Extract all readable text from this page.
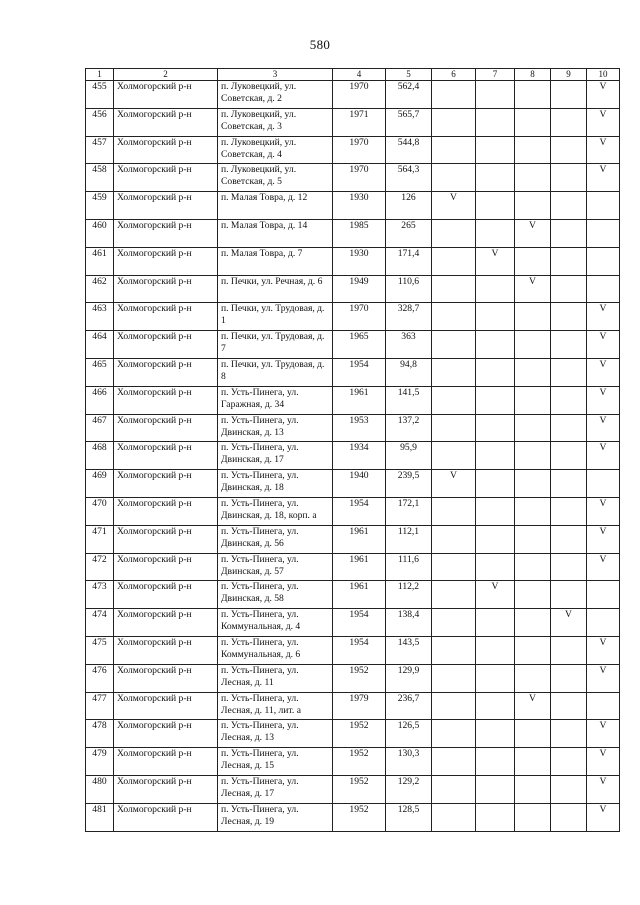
580
1	2	3	4	5	6	7	8	9	10
455	Холмогорский р-н	п. Луковецкий, ул. Советская, д. 2	1970	562,4					V
456	Холмогорский р-н	п. Луковецкий, ул. Советская, д. 3	1971	565,7					V
457	Холмогорский р-н	п. Луковецкий, ул. Советская, д. 4	1970	544,8					V
458	Холмогорский р-н	п. Луковецкий, ул. Советская, д. 5	1970	564,3					V
459	Холмогорский р-н	п. Малая Товра, д. 12	1930	126	V				
460	Холмогорский р-н	п. Малая Товра, д. 14	1985	265			V		
461	Холмогорский р-н	п. Малая Товра, д. 7	1930	171,4		V			
462	Холмогорский р-н	п. Печки, ул. Речная, д. 6	1949	110,6			V		
463	Холмогорский р-н	п. Печки, ул. Трудовая, д. 1	1970	328,7					V
464	Холмогорский р-н	п. Печки, ул. Трудовая, д. 7	1965	363					V
465	Холмогорский р-н	п. Печки, ул. Трудовая, д. 8	1954	94,8					V
466	Холмогорский р-н	п. Усть-Пинега, ул. Гаражная, д. 34	1961	141,5					V
467	Холмогорский р-н	п. Усть-Пинега, ул. Двинская, д. 13	1953	137,2					V
468	Холмогорский р-н	п. Усть-Пинега, ул. Двинская, д. 17	1934	95,9					V
469	Холмогорский р-н	п. Усть-Пинега, ул. Двинская, д. 18	1940	239,5	V				
470	Холмогорский р-н	п. Усть-Пинега, ул. Двинская, д. 18, корп. а	1954	172,1					V
471	Холмогорский р-н	п. Усть-Пинега, ул. Двинская, д. 56	1961	112,1					V
472	Холмогорский р-н	п. Усть-Пинега, ул. Двинская, д. 57	1961	111,6					V
473	Холмогорский р-н	п. Усть-Пинега, ул. Двинская, д. 58	1961	112,2		V			
474	Холмогорский р-н	п. Усть-Пинега, ул. Коммунальная, д. 4	1954	138,4				V	
475	Холмогорский р-н	п. Усть-Пинега, ул. Коммунальная, д. 6	1954	143,5					V
476	Холмогорский р-н	п. Усть-Пинега, ул. Лесная, д. 11	1952	129,9					V
477	Холмогорский р-н	п. Усть-Пинега, ул. Лесная, д. 11, лит. а	1979	236,7			V		
478	Холмогорский р-н	п. Усть-Пинега, ул. Лесная, д. 13	1952	126,5					V
479	Холмогорский р-н	п. Усть-Пинега, ул. Лесная, д. 15	1952	130,3					V
480	Холмогорский р-н	п. Усть-Пинега, ул. Лесная, д. 17	1952	129,2					V
481	Холмогорский р-н	п. Усть-Пинега, ул. Лесная, д. 19	1952	128,5					V
